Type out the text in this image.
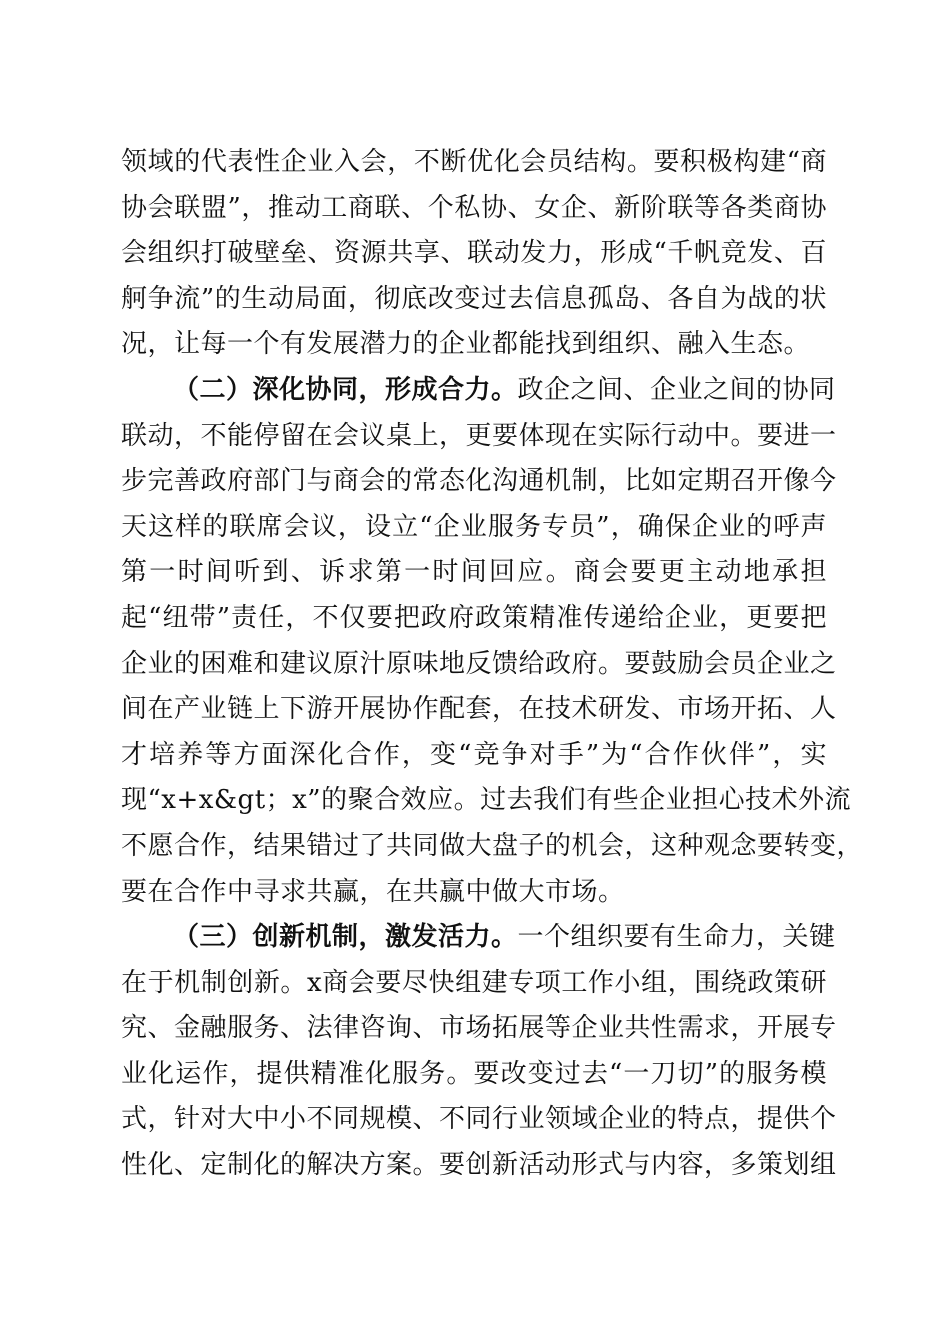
领域的代表性企业入会，不断优化会员结构。要积极构建“商
协会联盟”，推动工商联、个私协、女企、新阶联等各类商协
会组织打破壁垒、资源共享、联动发力，形成“千帆竞发、百
舸争流”的生动局面，彻底改变过去信息孤岛、各自为战的状
况，让每一个有发展潜力的企业都能找到组织、融入生态。
（二）深化协同，形成合力。政企之间、企业之间的协同
联动，不能停留在会议桌上，更要体现在实际行动中。要进一
步完善政府部门与商会的常态化沟通机制，比如定期召开像今
天这样的联席会议，设立“企业服务专员”，确保企业的呼声
第一时间听到、诉求第一时间回应。商会要更主动地承担
起“纽带”责任，不仅要把政府政策精准传递给企业，更要把
企业的困难和建议原汁原味地反馈给政府。要鼓励会员企业之
间在产业链上下游开展协作配套，在技术研发、市场开拓、人
才培养等方面深化合作，变“竞争对手”为“合作伙伴”，实
现“x+x&gt；x”的聚合效应。过去我们有些企业担心技术外流
不愿合作，结果错过了共同做大盘子的机会，这种观念要转变，
要在合作中寻求共赢，在共赢中做大市场。
（三）创新机制，激发活力。一个组织要有生命力，关键
在于机制创新。x商会要尽快组建专项工作小组，围绕政策研
究、金融服务、法律咨询、市场拓展等企业共性需求，开展专
业化运作，提供精准化服务。要改变过去“一刀切”的服务模
式，针对大中小不同规模、不同行业领域企业的特点，提供个
性化、定制化的解决方案。要创新活动形式与内容，多策划组
